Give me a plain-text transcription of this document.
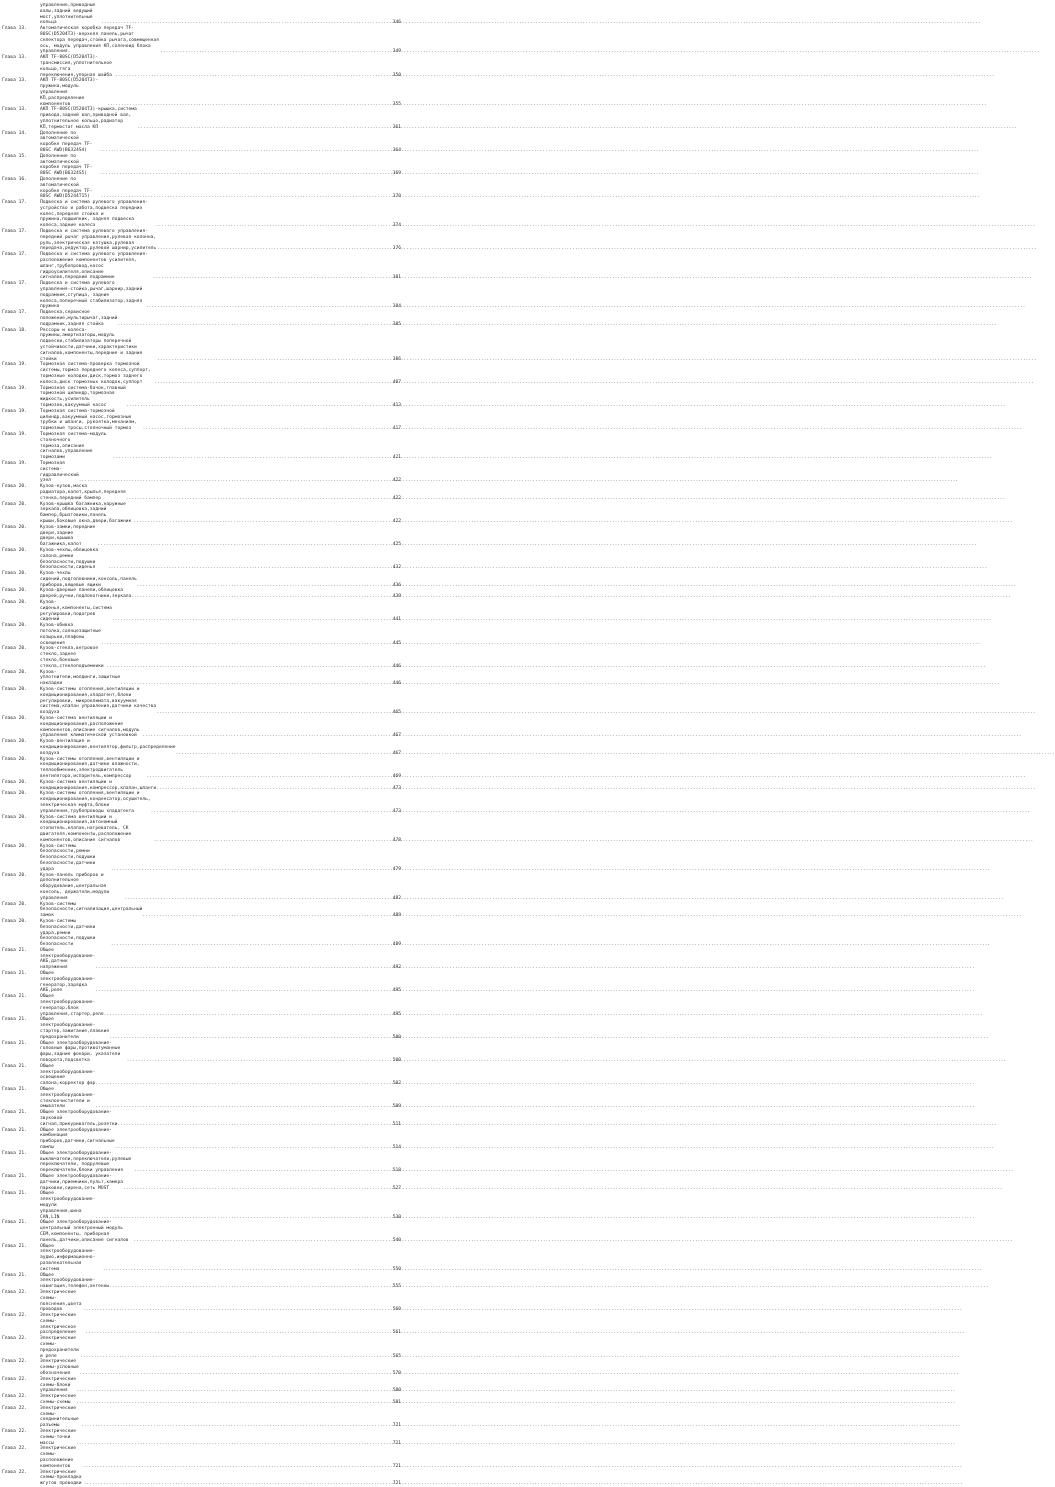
управление,приводные валы,задний ведущий мост,уплотнительные кольца .....	346
Глава 13.	Автоматическая коробка передач TF-80SC(D5204T3)-верхняя панель,рычаг селектора передач,стойка рычага,совмещенная ось, модуль управления КП,соленоид блока управления. .....	349
Глава 13.	АКП TF-80SC(D5204T3)-трансмиссия,уплотнительное кольцо,тяга переключения,упорная шайба .....	350
Глава 13.	АКП TF-80SC(D5204T3)-пружина,модуль управления КП,распределение компонентов .....	355
Глава 13.	АКП TF-80SC(D5204T3)-крышка,система привода,задний вал,приводной вал, уплотнительное кольцо,радиатор КП,термостат масла КП .....	361
Глава 14.	Дополнение по автоматической коробке передач TF-80SC AWD(B6324S4) .....	364
Глава 15.	Дополнение по автоматической коробке передач TF-80SC AWD(B6324S5) .....	369
Глава 16.	Дополнение по автоматической коробке передач TF-80SC AWD(D5244T15) .....	370
Глава 17.	Подвеска и система рулевого управления-устройство и работа,подвеска передних колес,передняя стойка и пружина,подшипник, задняя подвеска колеса,задние колеса .....	374
Глава 17.	Подвеска и система рулевого управления-передний рычаг управления,рулевая колонна, руль,электрическая катушка,рулевая передача,редуктор,рулевой шарнир,усилитель .....	376
Глава 17.	Подвеска и система рулевого управления-расположение компонентов усилителя, шланг,трубопровод,насос гидроусилителя,описание сигналов,передний подрамник .....	381
Глава 17.	Подвеска и система рулевого управления-стойка,рычаг,шарнир,задний подрамник,ступица, задние колеса,поперечный стабилизатор,задняя пружина .....	384
Глава 17.	Подвеска,сервисное положение,мультирычаг,задний подрамник,задняя стойка .....	385
Глава 18.	Рессоры и колеса-пружины,амортизаторы,модуль подвески,стабилизаторы поперечной устойчивости,датчики,характеристики сигналов,компоненты,передние и задние стойки .....	386
Глава 19.	Тормозная система-проверка тормозной системы,тормоз переднего колеса,суппорт, тормозные колодки,диск,тормоз заднего колеса,диск тормозных колодок,суппорт .....	407
Глава 19.	Тормозная система-бачок,главный тормозной цилиндр,тормозная жидкость,усилитель тормозов,вакуумный насос .....	413
Глава 19.	Тормозная система-тормозной цилиндр,вакуумный насос,тормозные трубки и шланги, рукоятка,механизм, тормозные тросы,стояночный тормоз .....	417
Глава 19.	Тормозная система-модуль стояночного тормоза,описание сигналов,управление тормозами .....	421
Глава 19.	Тормозная система-гидравлический узел .....	422
Глава 20.	Кузов-кузов,маска радиатора,капот,крылья,передняя стенка,передний бампер .....	422
Глава 20.	Кузов-крышка багажника,наружные зеркала,облицовка,задний бампер,брызговики,панель крыши,боковые окна,двери,багажник .....	422
Глава 20.	Кузов-замки,передние двери,задние двери,крышка багажника,капот .....	425
Глава 20.	Кузов-чехлы,облицовка салона,ремни безопасности,подушки безопасности,сиденья .....	432
Глава 20.	Кузов-чехлы сидений,подголовники,консоль,панель приборов,вещевые ящики .....	436
Глава 20.	Кузов-дверные панели,облицовка дверей,ручки,подлокотники,зеркала .....	439
Глава 20.	Кузов-сиденья,компоненты,система регулировки,подогрев сидений .....	441
Глава 20.	Кузов-обивка потолка,солнцезащитные козырьки,плафоны освещения .....	445
Глава 20.	Кузов-стекла,ветровое стекло,заднее стекло,боковые стекла,стеклоподъемники .....	446
Глава 20.	Кузов-уплотнители,молдинги,защитные накладки .....	446
Глава 20.	Кузов-системы отопления,вентиляции и кондиционирования,хладагент,блоки регулировки, микроклимата,вакуумная система,клапан управления,датчики качества воздуха .....	465
Глава 20.	Кузов-система вентиляции и кондиционирования,расположение компонентов,описание сигналов,модуль управления климатической установкой .....	467
Глава 20.	Кузов-вентиляция и кондиционирование,вентилятор,фильтр,распределение воздуха .....	467
Глава 20.	Кузов-системы отопления,вентиляции и кондиционирования,датчики влажности, теплообменник,электродвигатель вентилятора,испаритель,компрессор .....	469
Глава 20.	Кузов-система вентиляции и кондиционирования,компрессор,клапан,шланги .....	473
Глава 20.	Кузов-системы отопления,вентиляции и кондиционирования,конденсатор,осушитель, электрическая муфта,блоки управления,трубопроводы хладагента .....	473
Глава 20.	Кузов-система вентиляции и кондиционирования,автономный отопитель,клапан,нагреватель, СК двигателя,компоненты,расположение компонентов,описание сигналов .....	478
Глава 20.	Кузов-системы безопасности,ремни безопасности,подушки безопасности,датчики удара .....	479
Глава 20.	Кузов-панель приборов и дополнительное оборудование,центральная консоль, держатели,модули управления .....	482
Глава 20.	Кузов-системы безопасности,сигнализация,центральный замок .....	489
Глава 20.	Кузов-системы безопасности,датчики удара,ремни безопасности,подушки безопасности .....	489
Глава 21.	Общее электрооборудование-АКБ,датчик напряжения .....	492
Глава 21.	Общее электрооборудование-генератор,зарядка АКБ,реле .....	495
Глава 21.	Общее электрооборудование-генератор,блок управления,стартер,реле .....	495
Глава 21.	Общее электрооборудование-стартер,зажигание,плавкие предохранители .....	500
Глава 21.	Общее электрооборудование-головные фары,противотуманные фары,задние фонари, указатели поворота,подсветка .....	500
Глава 21.	Общее электрооборудование-освещение салона,корректор фар .....	502
Глава 21.	Общее электрооборудование-стеклоочистители и омыватели .....	509
Глава 21.	Общее электрооборудование-звуковой сигнал,прикуриватель,розетки .....	511
Глава 21.	Общее электрооборудование-комбинация приборов,датчики,сигнальные лампы .....	514
Глава 21.	Общее электрооборудование-выключатели,переключатели,рулевые переключатели, подрулевые переключатели,блоки управления .....	518
Глава 21.	Общее электрооборудование-датчики,приемники,пульт,камера парковки,сирена,сеть MOST .....	527
Глава 21.	Общее электрооборудование-модули управления,шина CAN,LIN .....	530
Глава 21.	Общее электрооборудование-центральный электронный модуль CEM,компоненты, приборная панель,датчики,описание сигналов .....	540
Глава 21.	Общее электрооборудование-аудио,информационно-развлекательная система .....	550
Глава 21.	Общее электрооборудование-навигация,телефон,антенны .....	555
Глава 22.	Электрические схемы-пояснения,цвета проводов .....	560
Глава 22.	Электрические схемы-электрическое распределение .....	561
Глава 22.	Электрические схемы-предохранители и реле .....	565
Глава 22.	Электрические схемы-условные обозначения .....	570
Глава 22.	Электрические схемы-блоки управления .....	580
Глава 22.	Электрические схемы-схемы .....	581
Глава 22.	Электрические схемы-соединительные разъемы .....	721
Глава 22.	Электрические схемы-точки массы .....	721
Глава 22.	Электрические схемы-расположение компонентов .....	721
Глава 22.	Электрические схемы-прокладка жгутов проводки .....	721
